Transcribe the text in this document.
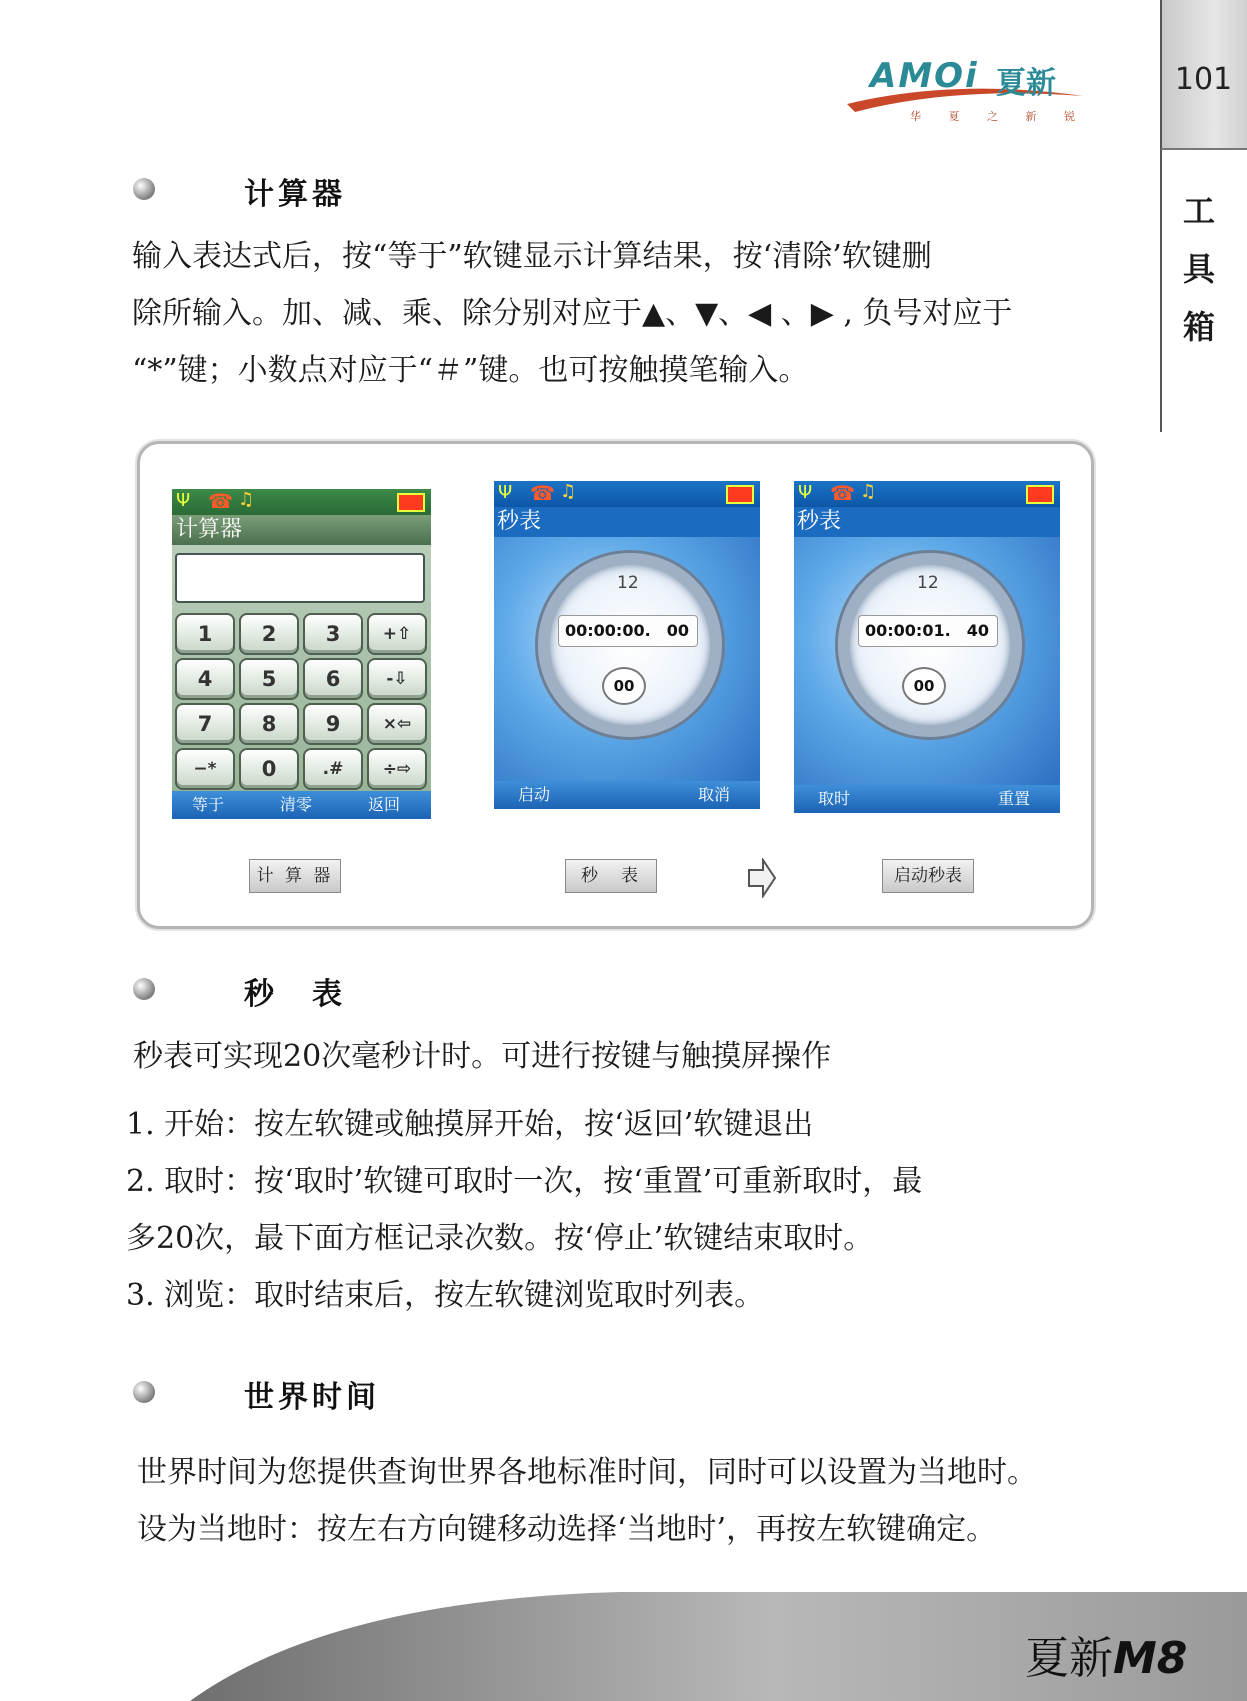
101
工具箱
AMOi 夏新
华 夏 之 新 锐
计算器
输入表达式后，按“等于”软键显示计算结果，按‘清除’软键删
除所输入。加、减、乘、除分别对应于▲、▼、◀ 、▶ , 负号对应于
“*”键；小数点对应于“＃”键。也可按触摸笔输入。
Ψ ☎ ♫
计算器
1	2	3	+⇧
4	5	6	-⇩
7	8	9	×⇦
−*	0	.#	÷⇨
等于	清零	返回
Ψ ☎ ♫
秒表
12
00:00:00. 00
00
启动	取消
Ψ ☎ ♫
秒表
12
00:00:01. 40
00
取时	重置
计 算 器	秒　表	启动秒表
秒　表
秒表可实现20次毫秒计时。可进行按键与触摸屏操作
1. 开始：按左软键或触摸屏开始，按‘返回’软键退出
2. 取时：按‘取时’软键可取时一次，按‘重置’可重新取时，最
多20次，最下面方框记录次数。按‘停止’软键结束取时。
3. 浏览：取时结束后，按左软键浏览取时列表。
世界时间
世界时间为您提供查询世界各地标准时间，同时可以设置为当地时。
设为当地时：按左右方向键移动选择‘当地时’，再按左软键确定。
夏新M8
